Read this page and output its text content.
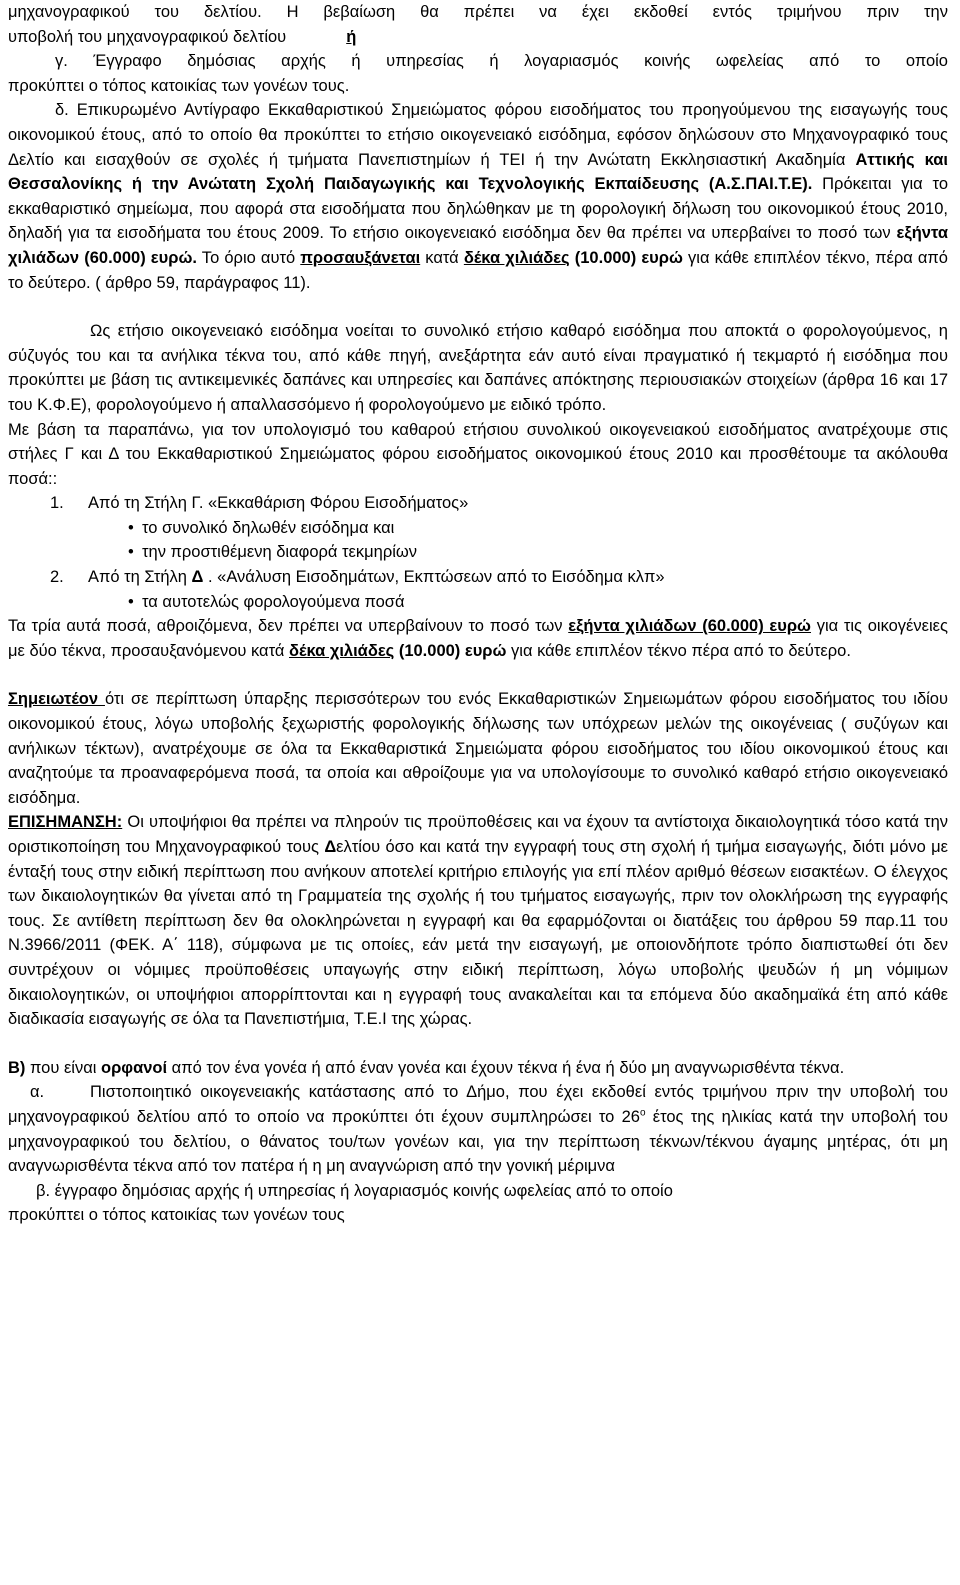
μηχανογραφικού του δελτίου. Η βεβαίωση θα πρέπει να έχει εκδοθεί εντός τριμήνου πριν την
υποβολή του μηχανογραφικού δελτίου	ή
γ. Έγγραφο δημόσιας αρχής ή υπηρεσίας ή λογαριασμός κοινής ωφελείας από το οποίο
προκύπτει ο τόπος κατοικίας των γονέων τους.

δ. Επικυρωμένο Αντίγραφο Εκκαθαριστικού Σημειώματος φόρου εισοδήματος του προηγούμενου της εισαγωγής τους οικονομικού έτους, από το οποίο θα προκύπτει το ετήσιο οικογενειακό εισόδημα, εφόσον δηλώσουν στο Μηχανογραφικό τους Δελτίο και εισαχθούν σε σχολές ή τμήματα Πανεπιστημίων ή ΤΕΙ ή την Ανώτατη Εκκλησιαστική Ακαδημία Αττικής και Θεσσαλονίκης ή την Ανώτατη Σχολή Παιδαγωγικής και Τεχνολογικής Εκπαίδευσης (Α.Σ.ΠΑΙ.Τ.Ε). Πρόκειται για το εκκαθαριστικό σημείωμα, που αφορά στα εισοδήματα που δηλώθηκαν με τη φορολογική δήλωση του οικονομικού έτους 2010, δηλαδή για τα εισοδήματα του έτους 2009. Το ετήσιο οικογενειακό εισόδημα δεν θα πρέπει να υπερβαίνει το ποσό των εξήντα χιλιάδων (60.000) ευρώ. Το όριο αυτό προσαυξάνεται κατά δέκα χιλιάδες (10.000) ευρώ για κάθε επιπλέον τέκνο, πέρα από το δεύτερο. ( άρθρο 59, παράγραφος 11).

Ως ετήσιο οικογενειακό εισόδημα νοείται το συνολικό ετήσιο καθαρό εισόδημα που αποκτά ο φορολογούμενος, η σύζυγός του και τα ανήλικα τέκνα του, από κάθε πηγή, ανεξάρτητα εάν αυτό είναι πραγματικό ή τεκμαρτό ή εισόδημα που προκύπτει με βάση τις αντικειμενικές δαπάνες και υπηρεσίες και δαπάνες απόκτησης περιουσιακών στοιχείων (άρθρα 16 και 17 του Κ.Φ.Ε), φορολογούμενο ή απαλλασσόμενο ή φορολογούμενο με ειδικό τρόπο.

Με βάση τα παραπάνω, για τον υπολογισμό του καθαρού ετήσιου συνολικού οικογενειακού εισοδήματος ανατρέχουμε στις στήλες Γ και Δ του Εκκαθαριστικού Σημειώματος φόρου εισοδήματος οικονομικού έτους 2010 και προσθέτουμε τα ακόλουθα ποσά::

1.	Από τη Στήλη Γ. «Εκκαθάριση Φόρου Εισοδήματος»
• το συνολικό δηλωθέν εισόδημα και
• την προστιθέμενη διαφορά τεκμηρίων
2.	Από τη Στήλη Δ . «Ανάλυση Εισοδημάτων, Εκπτώσεων από το Εισόδημα κλπ»
• τα αυτοτελώς φορολογούμενα ποσά

Τα τρία αυτά ποσά, αθροιζόμενα, δεν πρέπει να υπερβαίνουν το ποσό των εξήντα χιλιάδων (60.000) ευρώ για τις οικογένειες με δύο τέκνα, προσαυξανόμενου κατά δέκα χιλιάδες (10.000) ευρώ για κάθε επιπλέον τέκνο πέρα από το δεύτερο.

Σημειωτέον ότι σε περίπτωση ύπαρξης περισσότερων του ενός Εκκαθαριστικών Σημειωμάτων φόρου εισοδήματος του ιδίου οικονομικού έτους, λόγω υποβολής ξεχωριστής φορολογικής δήλωσης των υπόχρεων μελών της οικογένειας ( συζύγων και ανήλικων τέκτων), ανατρέχουμε σε όλα τα Εκκαθαριστικά Σημειώματα φόρου εισοδήματος του ιδίου οικονομικού έτους και αναζητούμε τα προαναφερόμενα ποσά, τα οποία και αθροίζουμε για να υπολογίσουμε το συνολικό καθαρό ετήσιο οικογενειακό εισόδημα.

ΕΠΙΣΗΜΑΝΣΗ: Οι υποψήφιοι θα πρέπει να πληρούν τις προϋποθέσεις και να έχουν τα αντίστοιχα δικαιολογητικά τόσο κατά την οριστικοποίηση του Μηχανογραφικού τους Δελτίου όσο και κατά την εγγραφή τους στη σχολή ή τμήμα εισαγωγής, διότι μόνο με ένταξή τους στην ειδική περίπτωση που ανήκουν αποτελεί κριτήριο επιλογής για επί πλέον αριθμό θέσεων εισακτέων. Ο έλεγχος των δικαιολογητικών θα γίνεται από τη Γραμματεία της σχολής ή του τμήματος εισαγωγής, πριν τον ολοκλήρωση της εγγραφής τους. Σε αντίθετη περίπτωση δεν θα ολοκληρώνεται η εγγραφή και θα εφαρμόζονται οι διατάξεις του άρθρου 59 παρ.11 του Ν.3966/2011 (ΦΕΚ. Α΄ 118), σύμφωνα με τις οποίες, εάν μετά την εισαγωγή, με οποιονδήποτε τρόπο διαπιστωθεί ότι δεν συντρέχουν οι νόμιμες προϋποθέσεις υπαγωγής στην ειδική περίπτωση, λόγω υποβολής ψευδών ή μη νόμιμων δικαιολογητικών, οι υποψήφιοι απορρίπτονται και η εγγραφή τους ανακαλείται και τα επόμενα δύο ακαδημαϊκά έτη από κάθε διαδικασία εισαγωγής σε όλα τα Πανεπιστήμια, Τ.Ε.Ι της χώρας.

Β) που είναι ορφανοί από τον ένα γονέα ή από έναν γονέα και έχουν τέκνα ή ένα ή δύο μη αναγνωρισθέντα τέκνα.

α.	Πιστοποιητικό οικογενειακής κατάστασης από το Δήμο, που έχει εκδοθεί εντός τριμήνου πριν την υποβολή του μηχανογραφικού δελτίου από το οποίο να προκύπτει ότι έχουν συμπληρώσει το $26^o$ έτος της ηλικίας κατά την υποβολή του μηχανογραφικού του δελτίου, ο θάνατος του/των γονέων και, για την περίπτωση τέκνων/τέκνου άγαμης μητέρας, ότι μη αναγνωρισθέντα τέκνα από τον πατέρα ή η μη αναγνώριση από την γονική μέριμνα

β. έγγραφο δημόσιας αρχής ή υπηρεσίας ή λογαριασμός κοινής ωφελείας από το οποίο
προκύπτει ο τόπος κατοικίας των γονέων τους
